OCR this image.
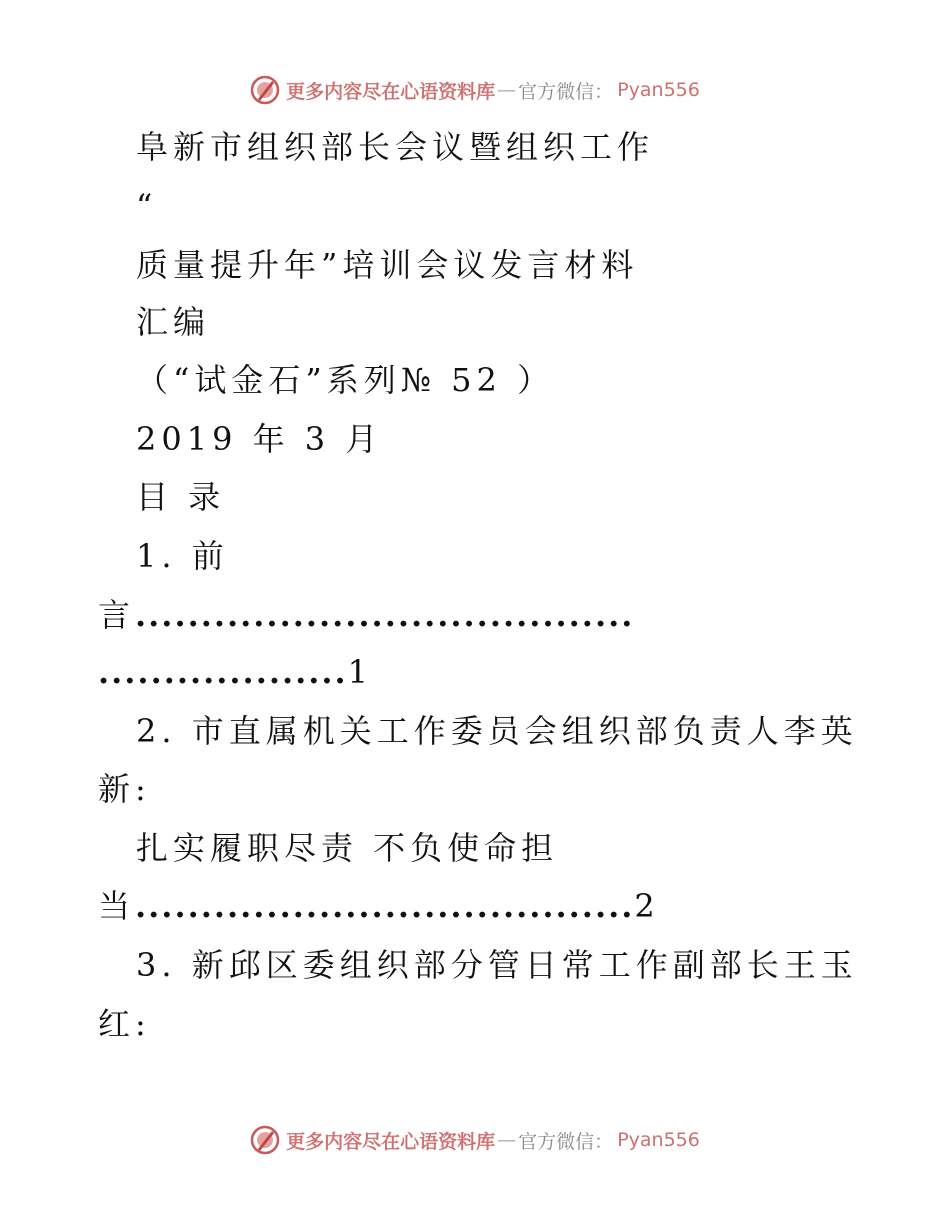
更多内容尽在心语资料库 — 官方微信： Pyan556
阜新市组织部长会议暨组织工作
“
质量提升年”培训会议发言材料
汇编
（“试金石”系列№ 52 ）
2019 年 3 月
目 录
1. 前
言......................................
...................1
2. 市直属机关工作委员会组织部负责人李英
新:
扎实履职尽责 不负使命担
当......................................2
3. 新邱区委组织部分管日常工作副部长王玉
红:
更多内容尽在心语资料库 — 官方微信： Pyan556
